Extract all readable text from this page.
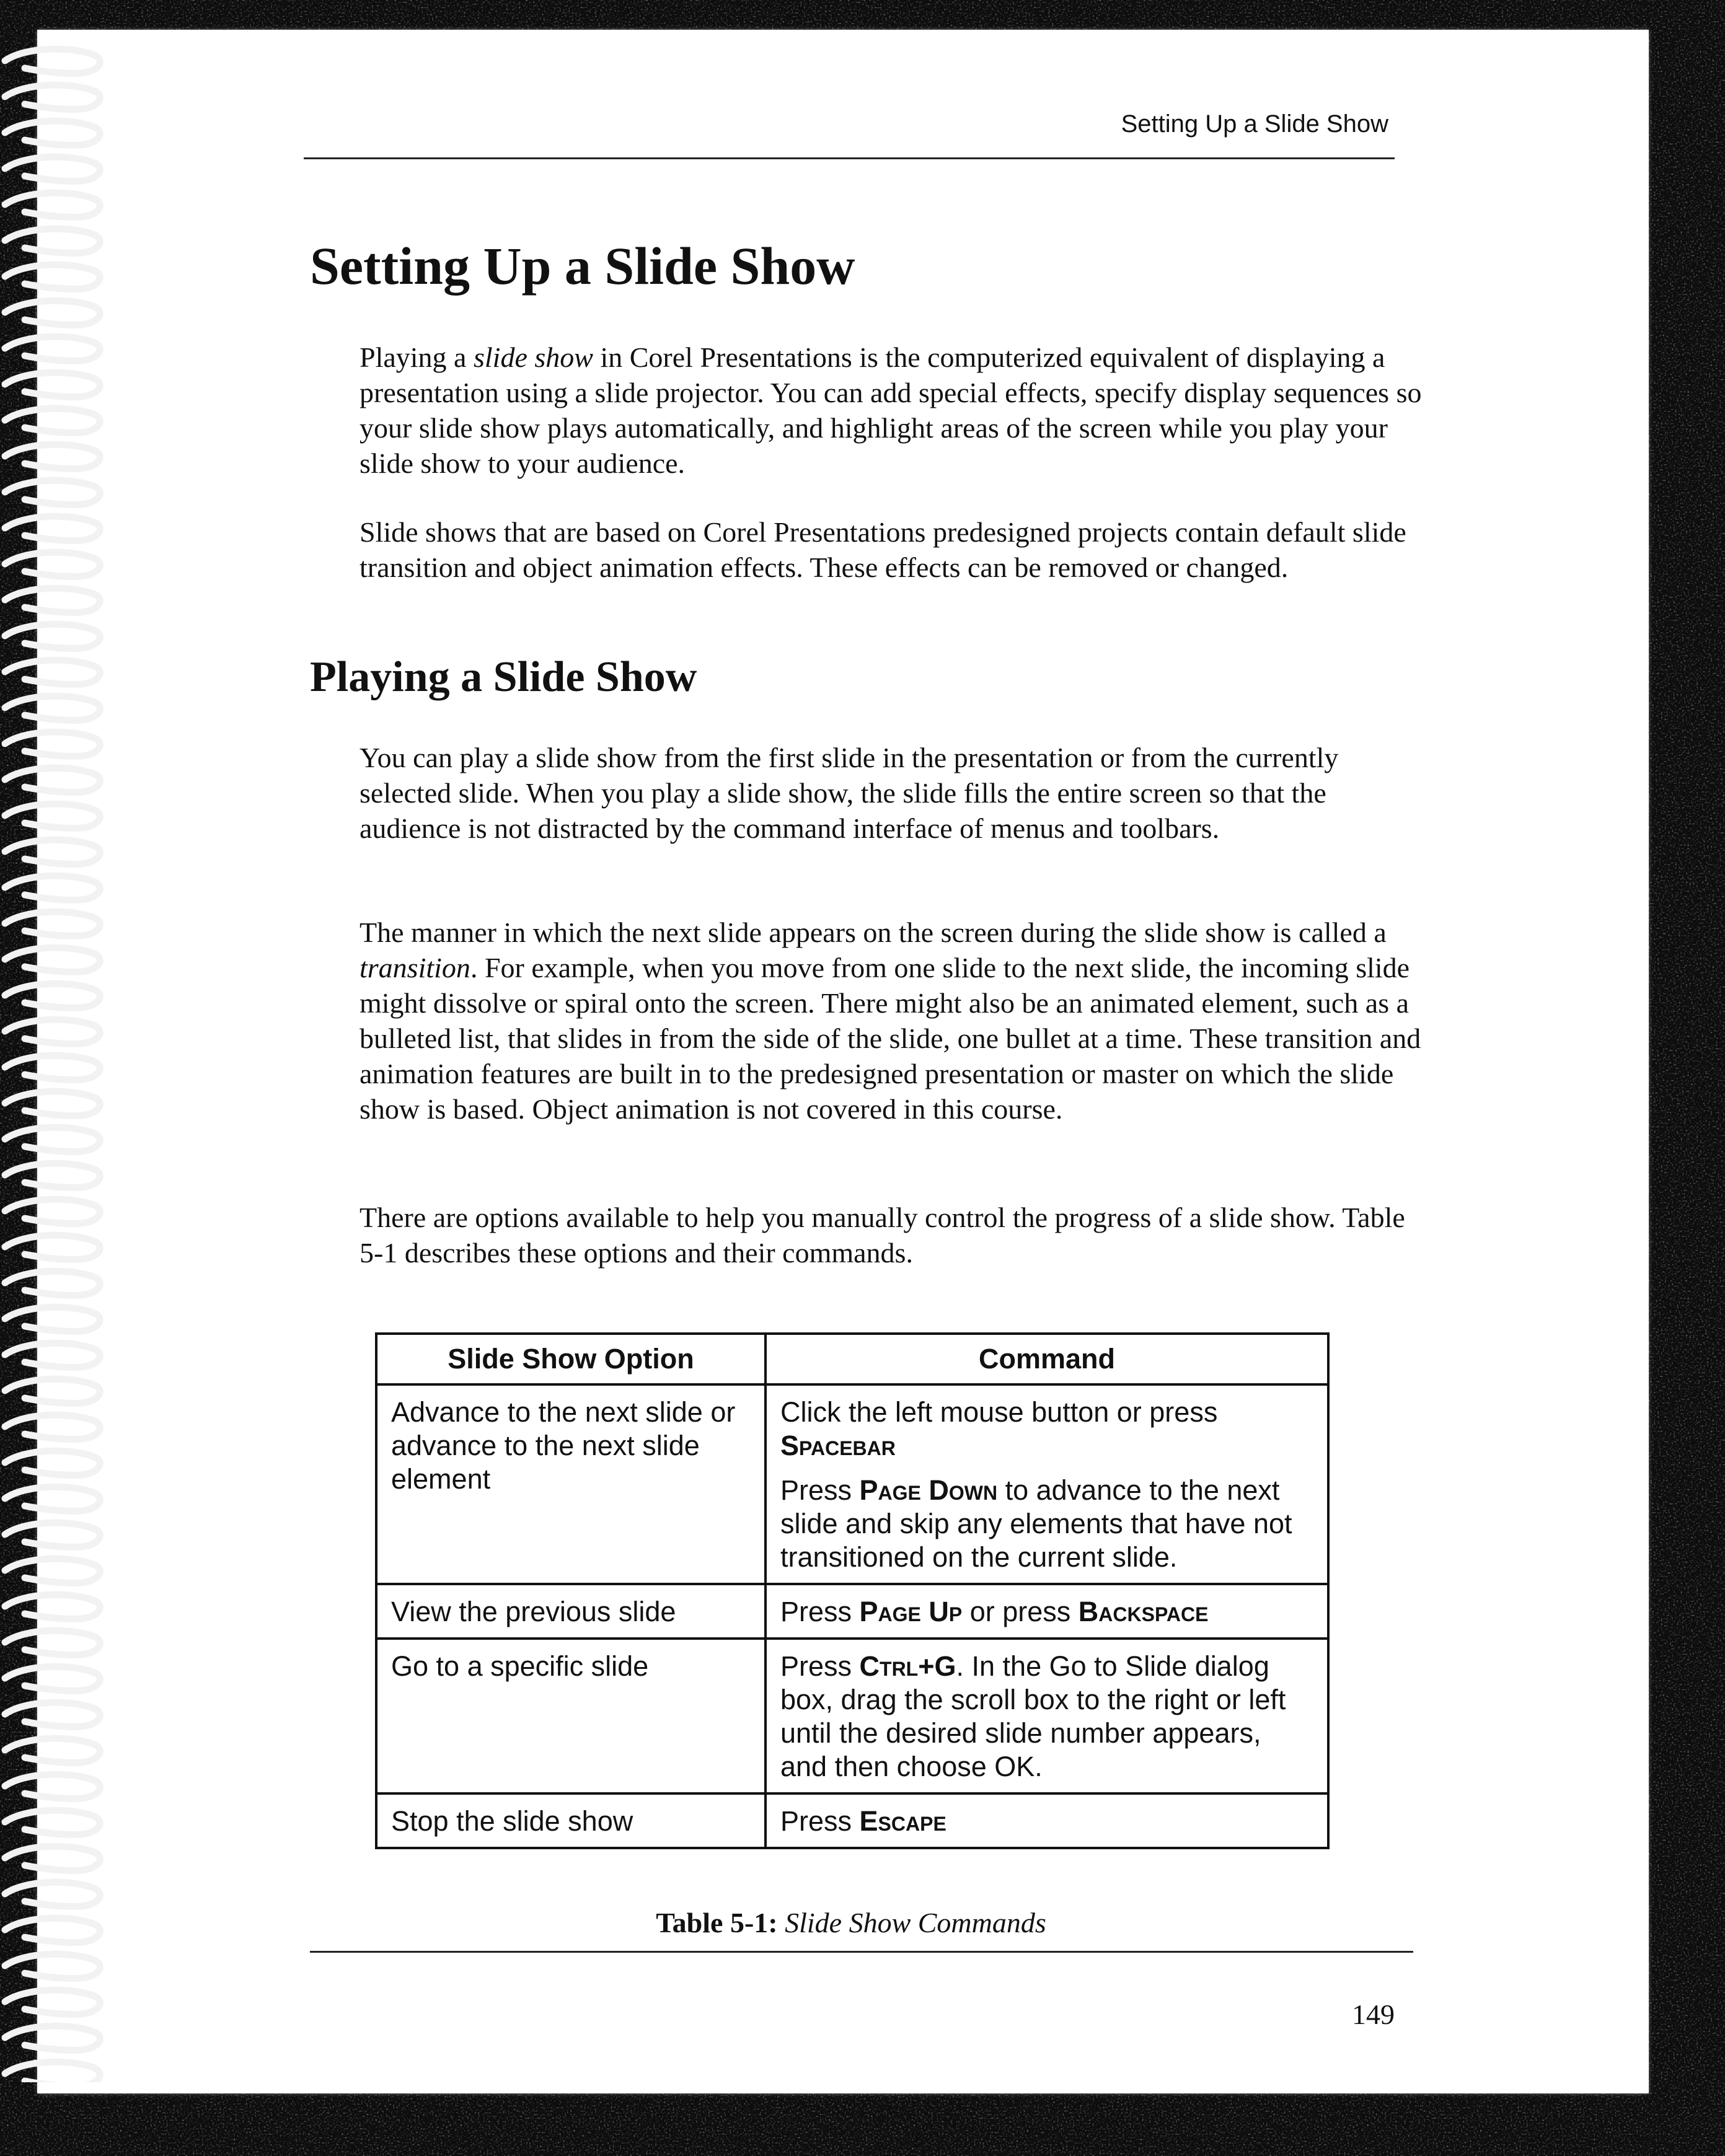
Setting Up a Slide Show
Setting Up a Slide Show

Playing a slide show in Corel Presentations is the computerized equivalent of displaying a presentation using a slide projector. You can add special effects, specify display sequences so your slide show plays automatically, and highlight areas of the screen while you play your slide show to your audience.

Slide shows that are based on Corel Presentations predesigned projects contain default slide transition and object animation effects. These effects can be removed or changed.

Playing a Slide Show

You can play a slide show from the first slide in the presentation or from the currently selected slide. When you play a slide show, the slide fills the entire screen so that the audience is not distracted by the command interface of menus and toolbars.

The manner in which the next slide appears on the screen during the slide show is called a transition. For example, when you move from one slide to the next slide, the incoming slide might dissolve or spiral onto the screen. There might also be an animated element, such as a bulleted list, that slides in from the side of the slide, one bullet at a time. These transition and animation features are built in to the predesigned presentation or master on which the slide show is based. Object animation is not covered in this course.

There are options available to help you manually control the progress of a slide show. Table 5-1 describes these options and their commands.

Slide Show Option	Command
Advance to the next slide or advance to the next slide element	Click the left mouse button or press Spacebar

Press Page Down to advance to the next slide and skip any elements that have not transitioned on the current slide.

View the previous slide	Press Page Up or press Backspace
Go to a specific slide	Press Ctrl+G. In the Go to Slide dialog box, drag the scroll box to the right or left until the desired slide number appears, and then choose OK.
Stop the slide show	Press Escape
Table 5-1: Slide Show Commands
149
